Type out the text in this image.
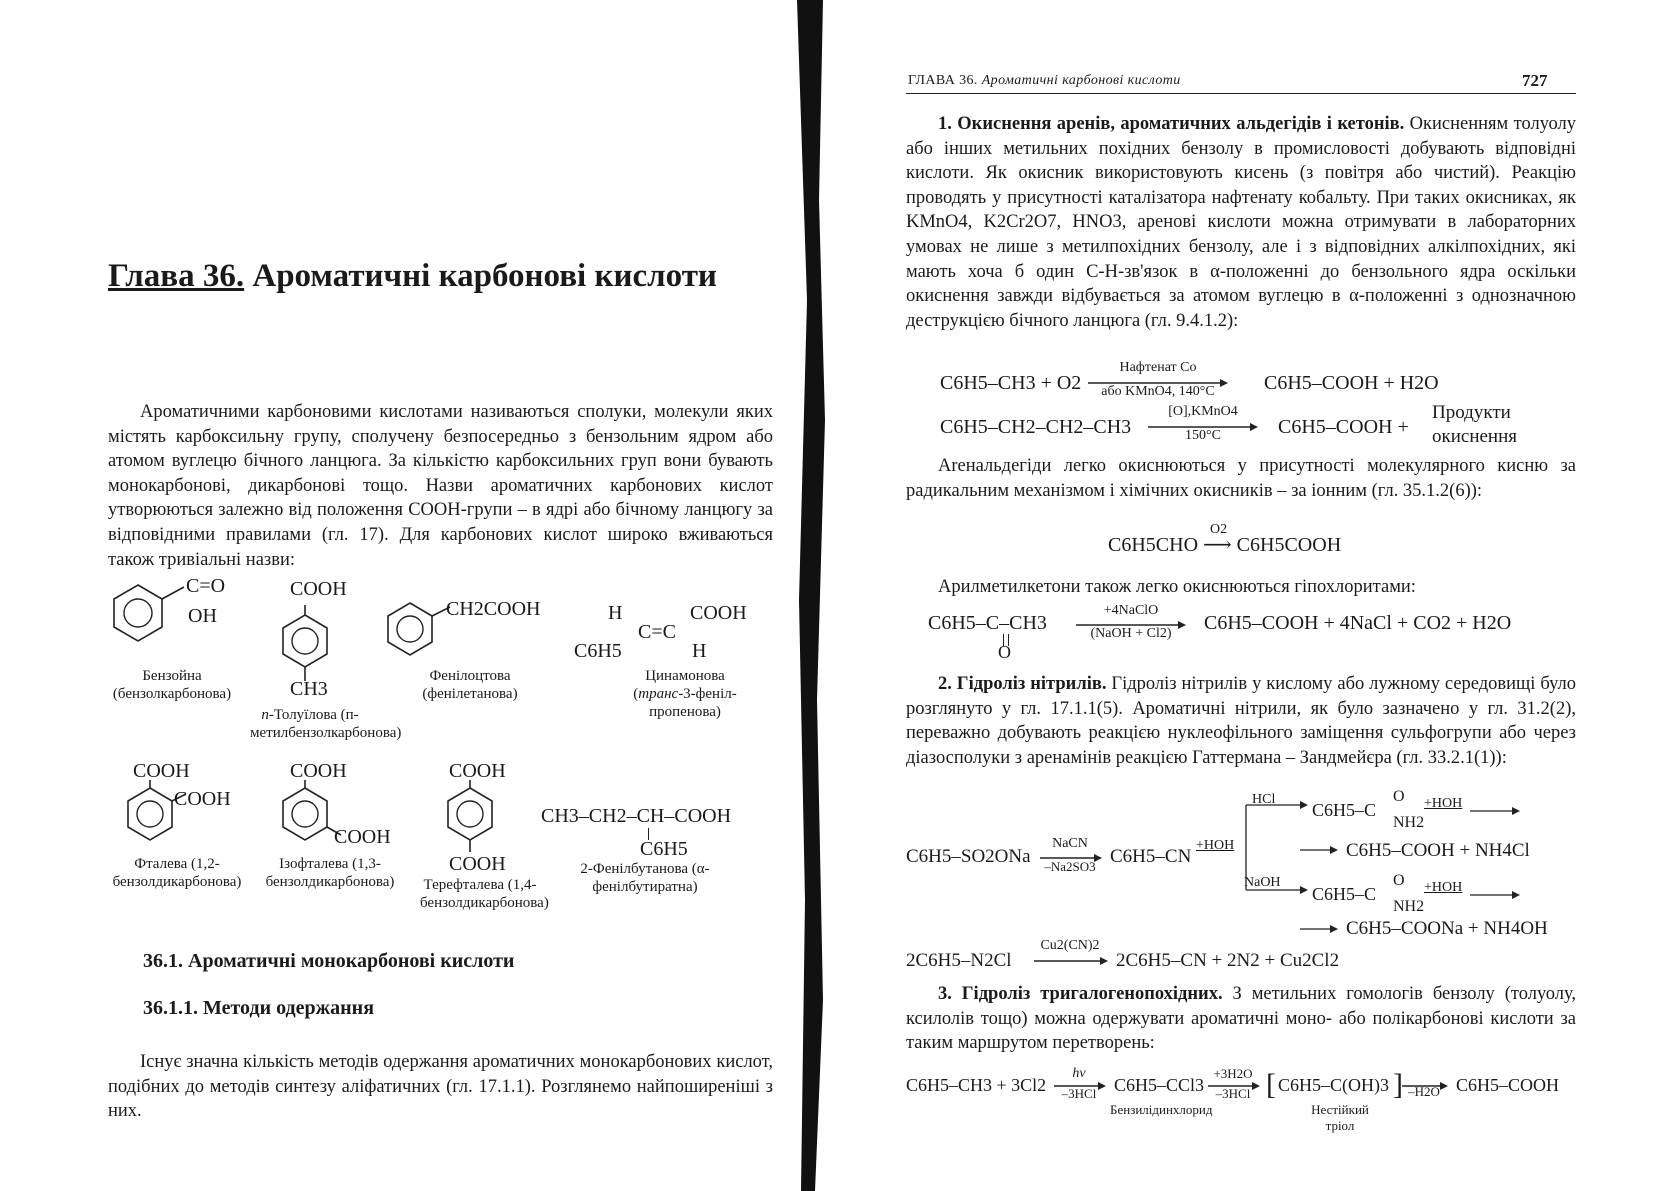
Глава 36. Ароматичні карбонові кислоти
Ароматичними карбоновими кислотами називаються сполуки, молекули яких містять карбоксильну групу, сполучену безпосередньо з бензольним ядром або атомом вуглецю бічного ланцюга. За кількістю карбоксильних груп вони бувають монокарбонові, дикарбонові тощо. Назви ароматичних карбонових кислот утворюються залежно від положення СООН-групи – в ядрі або бічному ланцюгу за відповідними правилами (гл. 17). Для карбонових кислот широко вживаються також тривіальні назви:
C=O
OH
Бензойна (бензолкарбонова)
COOH
CH3
п-Толуїлова (п-метилбензолкарбонова)
CH2COOH
Фенілоцтова (фенілетанова)
H	COOH
C=C
C6H5	H
Цинамонова
(транс-3-феніл-пропенова)
COOH
COOH
Фталева (1,2-бензолдикарбонова)
COOH
COOH
Ізофталева (1,3-бензолдикарбонова)
COOH
COOH
Терефталева (1,4-бензолдикарбонова)
CH3–CH2–CH–COOH
C6H5
2-Фенілбутанова (α-фенілбутиратна)
36.1. Ароматичні монокарбонові кислоти
36.1.1. Методи одержання
Існує значна кількість методів одержання ароматичних монокарбонових кислот, подібних до методів синтезу аліфатичних (гл. 17.1.1). Розглянемо найпоширеніші з них.
ГЛАВА 36. Ароматичні карбонові кислоти	727
1. Окиснення аренів, ароматичних альдегідів і кетонів. Окисненням толуолу або інших метильних похідних бензолу в промисловості добувають відповідні кислоти. Як окисник використовують кисень (з повітря або чистий). Реакцію проводять у присутності каталізатора нафтенату кобальту. При таких окисниках, як KMnO4, K2Cr2O7, HNO3, аренові кислоти можна отримувати в лабораторних умовах не лише з метилпохідних бензолу, але і з відповідних алкілпохідних, які мають хоча б один С-Н-зв'язок в α-положенні до бензольного ядра оскільки окиснення завжди відбувається за атомом вуглецю в α-положенні з однозначною деструкцією бічного ланцюга (гл. 9.4.1.2):
C6H5–CH3 + O2
Нафтенат Co
або KMnO4, 140°C	C6H5–COOH + H2O
C6H5–CH2–CH2–CH3
[O],KMnO4
150°C	C6H5–COOH +
Продукти
окиснення
Arенальдегіди легко окиснюються у присутності молекулярного кисню за радикальним механізмом і хімічних окисників – за іонним (гл. 35.1.2(6)):
C6H5CHO ⟶ C6H5COOH
O2
Арилметилкетони також легко окиснюються гіпохлоритами:
C6H5–C–CH3
O
+4NaClO
(NaOH + Cl2)	C6H5–COOH + 4NaCl + CO2 + H2O
2. Гідроліз нітрилів. Гідроліз нітрилів у кислому або лужному середовищі було розглянуто у гл. 17.1.1(5). Ароматичні нітрили, як було зазначено у гл. 31.2(2), переважно добувають реакцією нуклеофільного заміщення сульфогрупи або через діазосполуки з аренамінів реакцією Гаттермана – Зандмейєра (гл. 33.2.1(1)):
C6H5–SO2ONa
NaCN
–Na2SO3 C6H5–CN
+HOH
HCl
NaOH
C6H5–C
O
NH2
+HOH
C6H5–COOH + NH4Cl
C6H5–C
O
NH2
+HOH
C6H5–COONa + NH4OH
2C6H5–N2Cl
Cu2(CN)2
2C6H5–CN + 2N2 + Cu2Cl2
3. Гідроліз тригалогенопохідних. З метильних гомологів бензолу (толуолу, ксилолів тощо) можна одержувати ароматичні моно- або полікарбонові кислоти за таким маршрутом перетворень:
C6H5–CH3 + 3Cl2
hν
–3HCl C6H5–CCl3
+3H2O
–3HCl [ C6H5–C(OH)3 ] –H2O C6H5–COOH
Бензилідинхлорид	Нестійкий тріол
